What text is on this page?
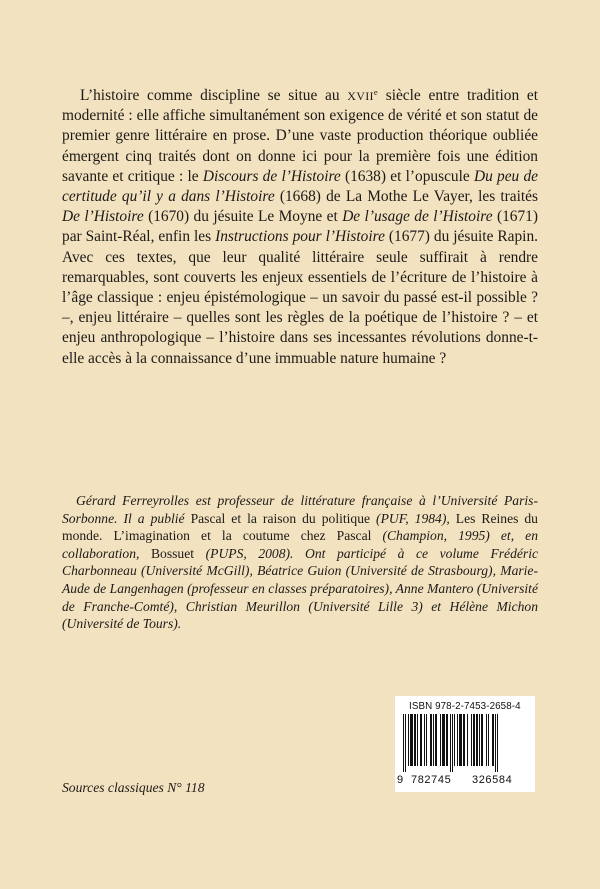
L’histoire comme discipline se situe au XVIIe siècle entre tradition et modernité : elle affiche simultanément son exigence de vérité et son statut de premier genre littéraire en prose. D’une vaste production théorique oubliée émergent cinq traités dont on donne ici pour la première fois une édition savante et critique : le Discours de l’Histoire (1638) et l’opuscule Du peu de certitude qu’il y a dans l’Histoire (1668) de La Mothe Le Vayer, les traités De l’Histoire (1670) du jésuite Le Moyne et De l’usage de l’Histoire (1671) par Saint-Réal, enfin les Instructions pour l’Histoire (1677) du jésuite Rapin. Avec ces textes, que leur qualité littéraire seule suffirait à rendre remarquables, sont couverts les enjeux essentiels de l’écriture de l’histoire à l’âge classique : enjeu épistémologique – un savoir du passé est-il possible ? –, enjeu littéraire – quelles sont les règles de la poétique de l’histoire ? – et enjeu anthropologique – l’histoire dans ses incessantes révolutions donne-t-elle accès à la connaissance d’une immuable nature humaine ?

Gérard Ferreyrolles est professeur de littérature française à l’Université Paris-Sorbonne. Il a publié Pascal et la raison du politique (PUF, 1984), Les Reines du monde. L’imagination et la coutume chez Pascal (Champion, 1995) et, en collaboration, Bossuet (PUPS, 2008). Ont participé à ce volume Frédéric Charbonneau (Université McGill), Béatrice Guion (Université de Strasbourg), Marie-Aude de Langenhagen (professeur en classes préparatoires), Anne Mantero (Université de Franche-Comté), Christian Meurillon (Université Lille 3) et Hélène Michon (Université de Tours).

Sources classiques N° 118
ISBN 978-2-7453-2658-4
9 782745 326584
